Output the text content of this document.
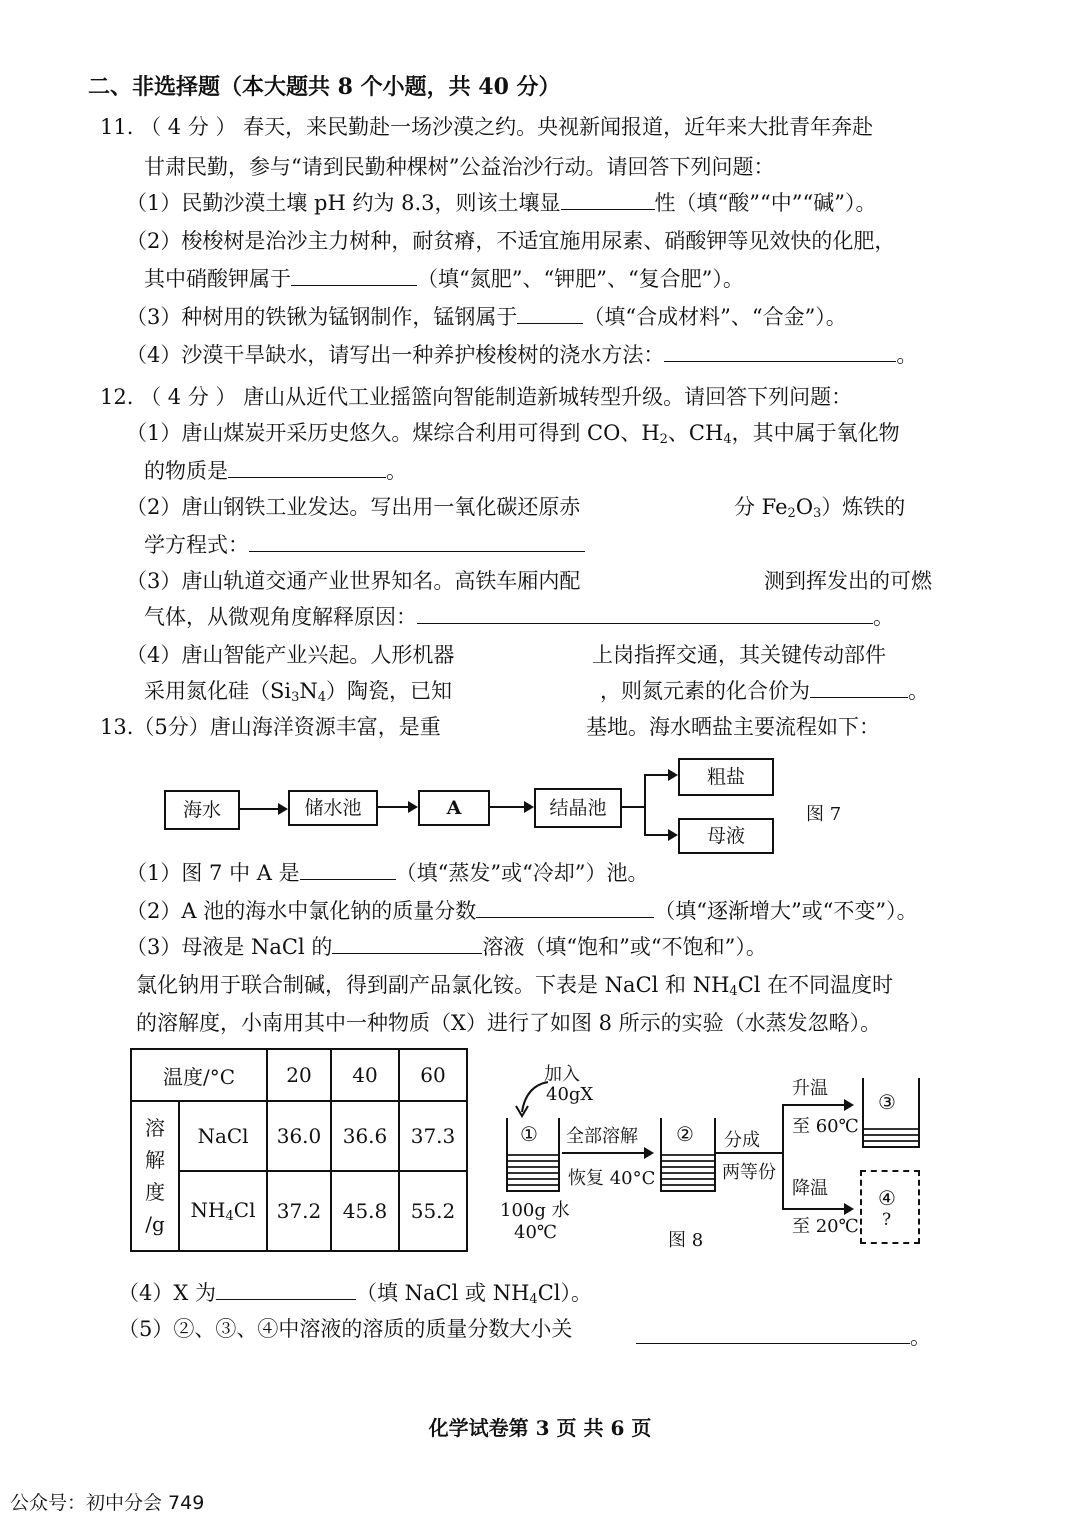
二、非选择题（本大题共 8 个小题，共 40 分）
11. （ 4 分 ） 春天，来民勤赴一场沙漠之约。央视新闻报道，近年来大批青年奔赴
甘肃民勤，参与“请到民勤种棵树”公益治沙行动。请回答下列问题：
（1）民勤沙漠土壤 pH 约为 8.3，则该土壤显	性（填“酸”“中”“碱”）。
（2）梭梭树是治沙主力树种，耐贫瘠，不适宜施用尿素、硝酸钾等见效快的化肥，
其中硝酸钾属于	（填“氮肥”、“钾肥”、“复合肥”）。
（3）种树用的铁锹为锰钢制作，锰钢属于	（填“合成材料”、“合金”）。
（4）沙漠干旱缺水，请写出一种养护梭梭树的浇水方法：	。
12. （ 4 分 ） 唐山从近代工业摇篮向智能制造新城转型升级。请回答下列问题：
（1）唐山煤炭开采历史悠久。煤综合利用可得到 CO、$H_2$、$CH_4$，其中属于氧化物
的物质是	。
（2）唐山钢铁工业发达。写出用一氧化碳还原赤	分 $Fe_2O_3$）炼铁的
学方程式：
（3）唐山轨道交通产业世界知名。高铁车厢内配	测到挥发出的可燃
气体，从微观角度解释原因：	。
（4）唐山智能产业兴起。人形机器	上岗指挥交通，其关键传动部件
采用氮化硅$(Si_3N_4)$陶瓷，已知	，则氮元素的化合价为	。
13.（5分）唐山海洋资源丰富，是重	基地。海水晒盐主要流程如下：
海水	储水池	A	结晶池
粗盐
母液
图 7
（1）图 7 中 A 是	（填“蒸发”或“冷却”）池。
（2）A 池的海水中氯化钠的质量分数	（填“逐渐增大”或“不变”）。
（3）母液是 NaCl 的	溶液（填“饱和”或“不饱和”）。
氯化钠用于联合制碱，得到副产品氯化铵。下表是 NaCl 和 $NH_4Cl$ 在不同温度时
的溶解度，小南用其中一种物质（X）进行了如图 8 所示的实验（水蒸发忽略）。
温度/°C		20	40	60

溶
解
度
/g	NaCl	36.0	36.6	37.3
	$NH_4Cl$	37.2	45.8	55.2
加入
40gX
①
100g 水
40℃
全部溶解
恢复 40°C
②
图 8
分成
两等份
升温
至 60℃
降温
至 20℃
③
④
?
（4）X 为	（填 NaCl 或 $NH_4Cl$）。
（5）②、③、④中溶液的溶质的质量分数大小关	。
化学试卷第 3 页 共 6 页
公众号：初中分会 749
